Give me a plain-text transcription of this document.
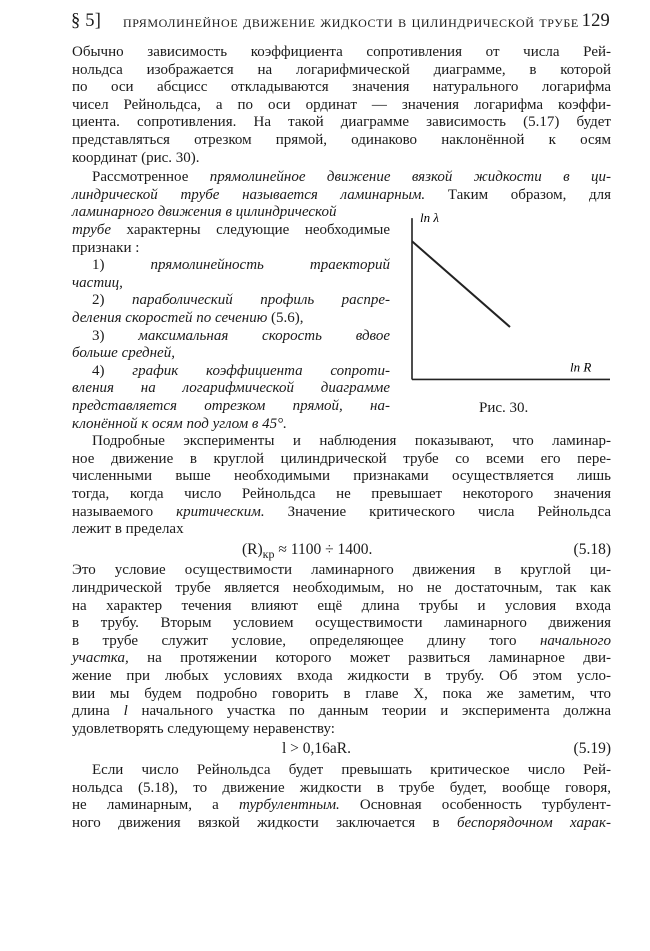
§ 5] прямолинейное движение жидкости в цилиндрической трубе 129
Обычно зависимость коэффициента сопротивления от числа Рей-
нольдса изображается на логарифмической диаграмме, в которой
по оси абсцисс откладываются значения натурального логарифма
чисел Рейнольдса, а по оси ординат — значения логарифма коэффи-
циента. сопротивления. На такой диаграмме зависимость (5.17) будет
представляться отрезком прямой, одинаково наклонённой к осям
координат (рис. 30).
Рассмотренное прямолинейное движение вязкой жидкости в ци-
линдрической трубе называется ламинарным. Таким образом, для
ламинарного движения в цилиндрической
трубе характерны следующие необходимые
признаки :
1) прямолинейность траекторий
частиц,
2) параболический профиль распре-
деления скоростей по сечению (5.6),
3) максимальная скорость вдвое
больше средней,
4) график коэффициента сопроти-
вления на логарифмической диаграмме
представляется отрезком прямой, на-
клонённой к осям под углом в 45°.
ln λ
ln R
Рис. 30.
Подробные эксперименты и наблюдения показывают, что ламинар-
ное движение в круглой цилиндрической трубе со всеми его пере-
численными выше необходимыми признаками осуществляется лишь
тогда, когда число Рейнольдса не превышает некоторого значения
называемого критическим. Значение критического числа Рейнольдса
лежит в пределах
$(R)_{кр} \approx 1100 \div 1400$.	(5.18)
Это условие осуществимости ламинарного движения в круглой ци-
линдрической трубе является необходимым, но не достаточным, так как
на характер течения влияют ещё длина трубы и условия входа
в трубу. Вторым условием осуществимости ламинарного движения
в трубе служит условие, определяющее длину того начального
участка, на протяжении которого может развиться ламинарное дви-
жение при любых условиях входа жидкости в трубу. Об этом усло-
вии мы будем подробно говорить в главе X, пока же заметим, что
длина l начального участка по данным теории и эксперимента должна
удовлетворять следующему неравенству:
l > 0,16aR.	(5.19)
Если число Рейнольдса будет превышать критическое число Рей-
нольдса (5.18), то движение жидкости в трубе будет, вообще говоря,
не ламинарным, а турбулентным. Основная особенность турбулент-
ного движения вязкой жидкости заключается в беспорядочном харак-
